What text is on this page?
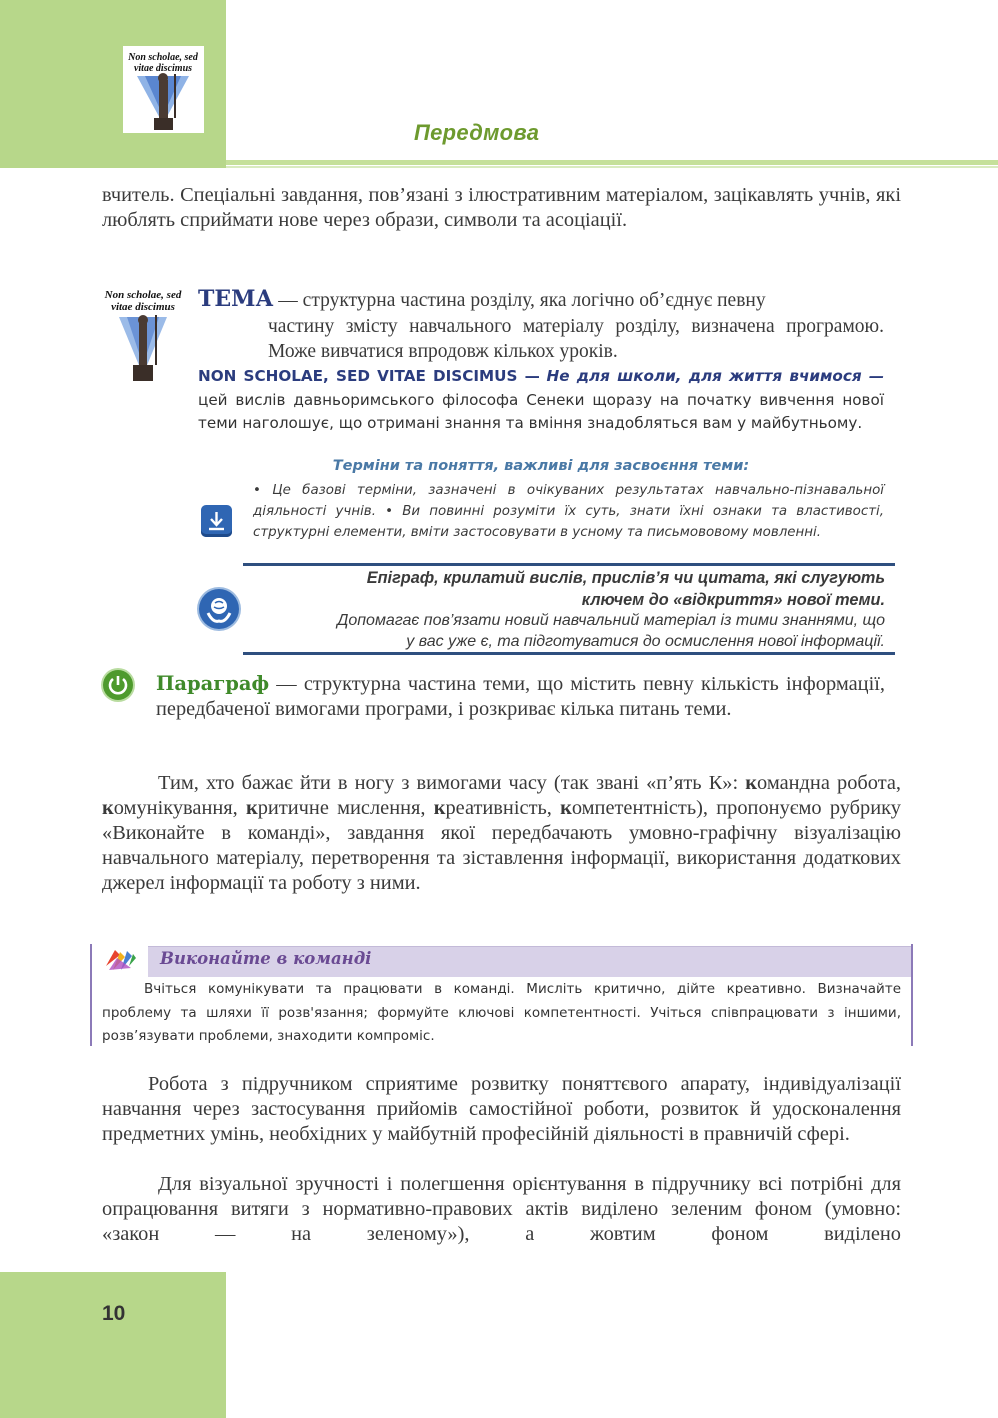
Non scholae, sed
vitae discimus
Передмова

вчитель. Спеціальні завдання, пов’язані з ілюстративним матеріалом, зацікавлять учнів, які люблять сприймати нове через образи, символи та асоціації.

Non scholae, sed
vitae discimus ТЕМА — структурна частина розділу, яка логічно об’єднує певну
частину змісту навчального матеріалу розділу, визначена програмою. Може вивчатися впродовж кількох уроків.
NON SCHOLAE, SED VITAE DISCIMUS — Не для школи, для життя вчимося — цей вислів давньоримського філософа Сенеки щоразу на початку вивчення нової теми наголошує, що отримані знання та вміння знадобляться вам у майбутньому.
Терміни та поняття, важливі для засвоєння теми:
• Це базові терміни, зазначені в очікуваних результатах навчально-пізнавальної діяльності учнів. • Ви повинні розуміти їх суть, знати їхні ознаки та властивості, структурні елементи, вміти застосовувати в усному та письмововому мовленні.
Епіграф, крилатий вислів, прислів’я чи цитата, які слугують
ключем до «відкриття» нової теми.
Допомагає пов’язати новий навчальний матеріал із тими знаннями, що
у вас уже є, та підготуватися до осмислення нової інформації.
Параграф — структурна частина теми, що містить певну кількість інформації, передбаченої вимогами програми, і розкриває кілька питань теми.

Тим, хто бажає йти в ногу з вимогами часу (так звані «п’ять К»: командна робота, комунікування, критичне мислення, креативність, компетентність), пропонуємо рубрику «Виконайте в команді», завдання якої передбачають умовно-графічну візуалізацію навчального матеріалу, перетворення та зіставлення інформації, використання додаткових джерел інформації та роботу з ними.

Виконайте в команді
Вчіться комунікувати та працювати в команді. Мисліть критично, дійте креативно. Визначайте проблему та шляхи її розв'язання; формуйте ключові компетентності. Учіться співпрацювати з іншими, розв’язувати проблеми, знаходити компроміс.

Робота з підручником сприятиме розвитку поняттєвого апарату, індивідуалізації навчання через застосування прийомів самостійної роботи, розвиток й удосконалення предметних умінь, необхідних у майбутній професійній діяльності в правничій сфері.

Для візуальної зручності і полегшення орієнтування в підручнику всі потрібні для опрацювання витяги з нормативно-правових актів виділено зеленим фоном (умовно: «закон — на зеленому»), а жовтим фоном виділено

10
